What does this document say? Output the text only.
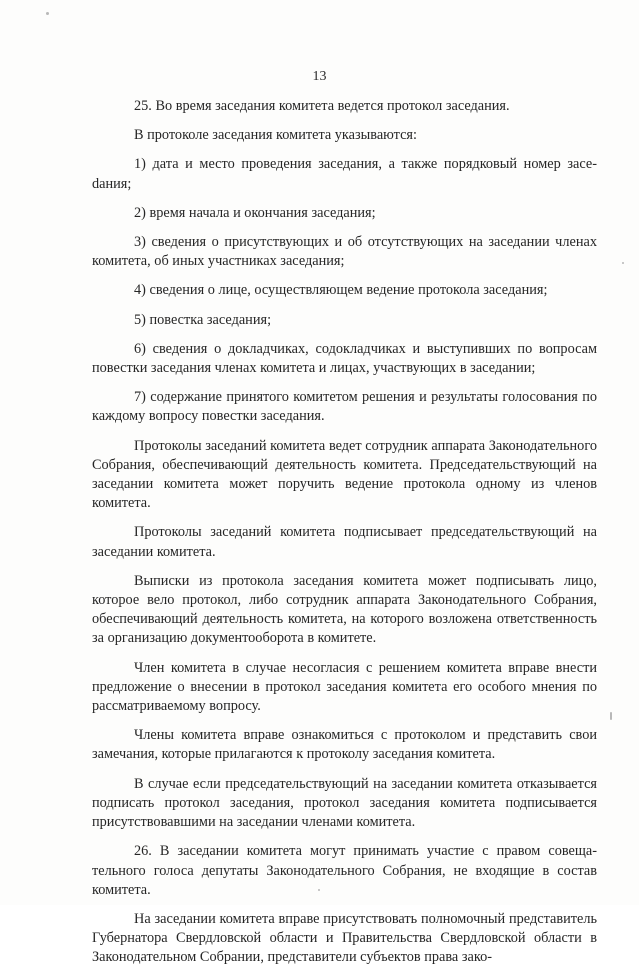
13

25. Во время заседания комитета ведется протокол заседания.

В протоколе заседания комитета указываются:

1) дата и место проведения заседания, а также порядковый номер засеdания;

2) время начала и окончания заседания;

3) сведения о присутствующих и об отсутствующих на заседании членах комитета, об иных участниках заседания;

4) сведения о лице, осуществляющем ведение протокола заседания;

5) повестка заседания;

6) сведения о докладчиках, содокладчиках и выступивших по вопросам повестки заседания членах комитета и лицах, участвующих в заседании;

7) содержание принятого комитетом решения и результаты голосования по каждому вопросу повестки заседания.

Протоколы заседаний комитета ведет сотрудник аппарата Законодательного Собрания, обеспечивающий деятельность комитета. Председательствующий на заседании комитета может поручить ведение протокола одному из членов комитета.

Протоколы заседаний комитета подписывает председательствующий на заседании комитета.

Выписки из протокола заседания комитета может подписывать лицо, которое вело протокол, либо сотрудник аппарата Законодательного Собрания, обеспечивающий деятельность комитета, на которого возложена ответственность за организацию документооборота в комитете.

Член комитета в случае несогласия с решением комитета вправе внести предложение о внесении в протокол заседания комитета его особого мнения по рассматриваемому вопросу.

Члены комитета вправе ознакомиться с протоколом и представить свои замечания, которые прилагаются к протоколу заседания комитета.

В случае если председательствующий на заседании комитета отказывается подписать протокол заседания, протокол заседания комитета подписывается присутствовавшими на заседании членами комитета.

26. В заседании комитета могут принимать участие с правом совещательного голоса депутаты Законодательного Собрания, не входящие в состав комитета.

На заседании комитета вправе присутствовать полномочный представитель Губернатора Свердловской области и Правительства Свердловской области в Законодательном Собрании, представители субъектов права зако-
